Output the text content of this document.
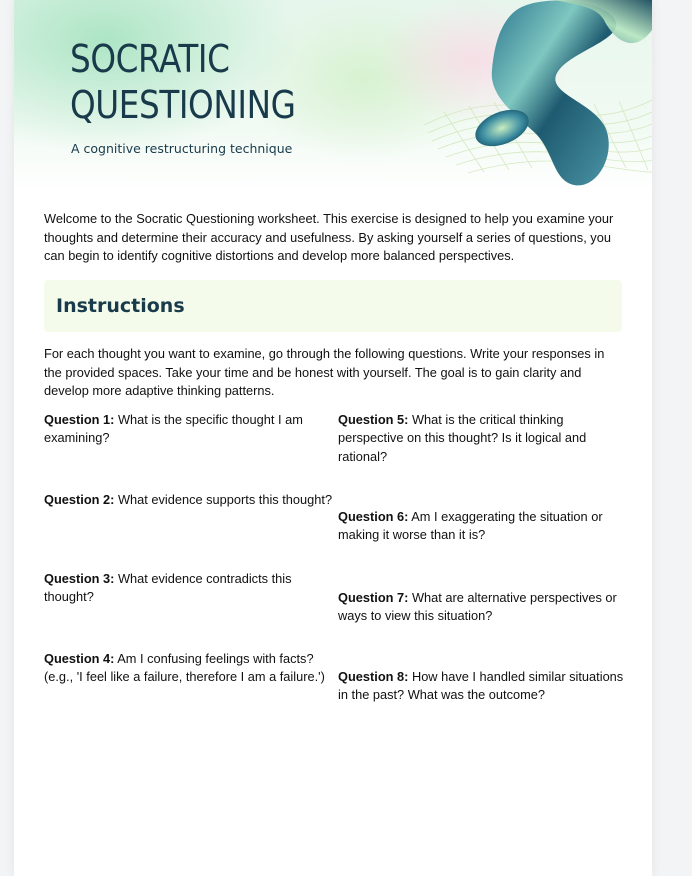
SOCRATIC
QUESTIONING

A cognitive restructuring technique

Welcome to the Socratic Questioning worksheet. This exercise is designed to help you examine your thoughts and determine their accuracy and usefulness. By asking yourself a series of questions, you can begin to identify cognitive distortions and develop more balanced perspectives.

Instructions

For each thought you want to examine, go through the following questions. Write your responses in the provided spaces. Take your time and be honest with yourself. The goal is to gain clarity and develop more adaptive thinking patterns.

Question 1: What is the specific thought I am examining?

Question 2: What evidence supports this thought?

Question 3: What evidence contradicts this thought?

Question 4: Am I confusing feelings with facts? (e.g., 'I feel like a failure, therefore I am a failure.')

Question 5: What is the critical thinking perspective on this thought? Is it logical and rational?

Question 6: Am I exaggerating the situation or making it worse than it is?

Question 7: What are alternative perspectives or ways to view this situation?

Question 8: How have I handled similar situations in the past? What was the outcome?
